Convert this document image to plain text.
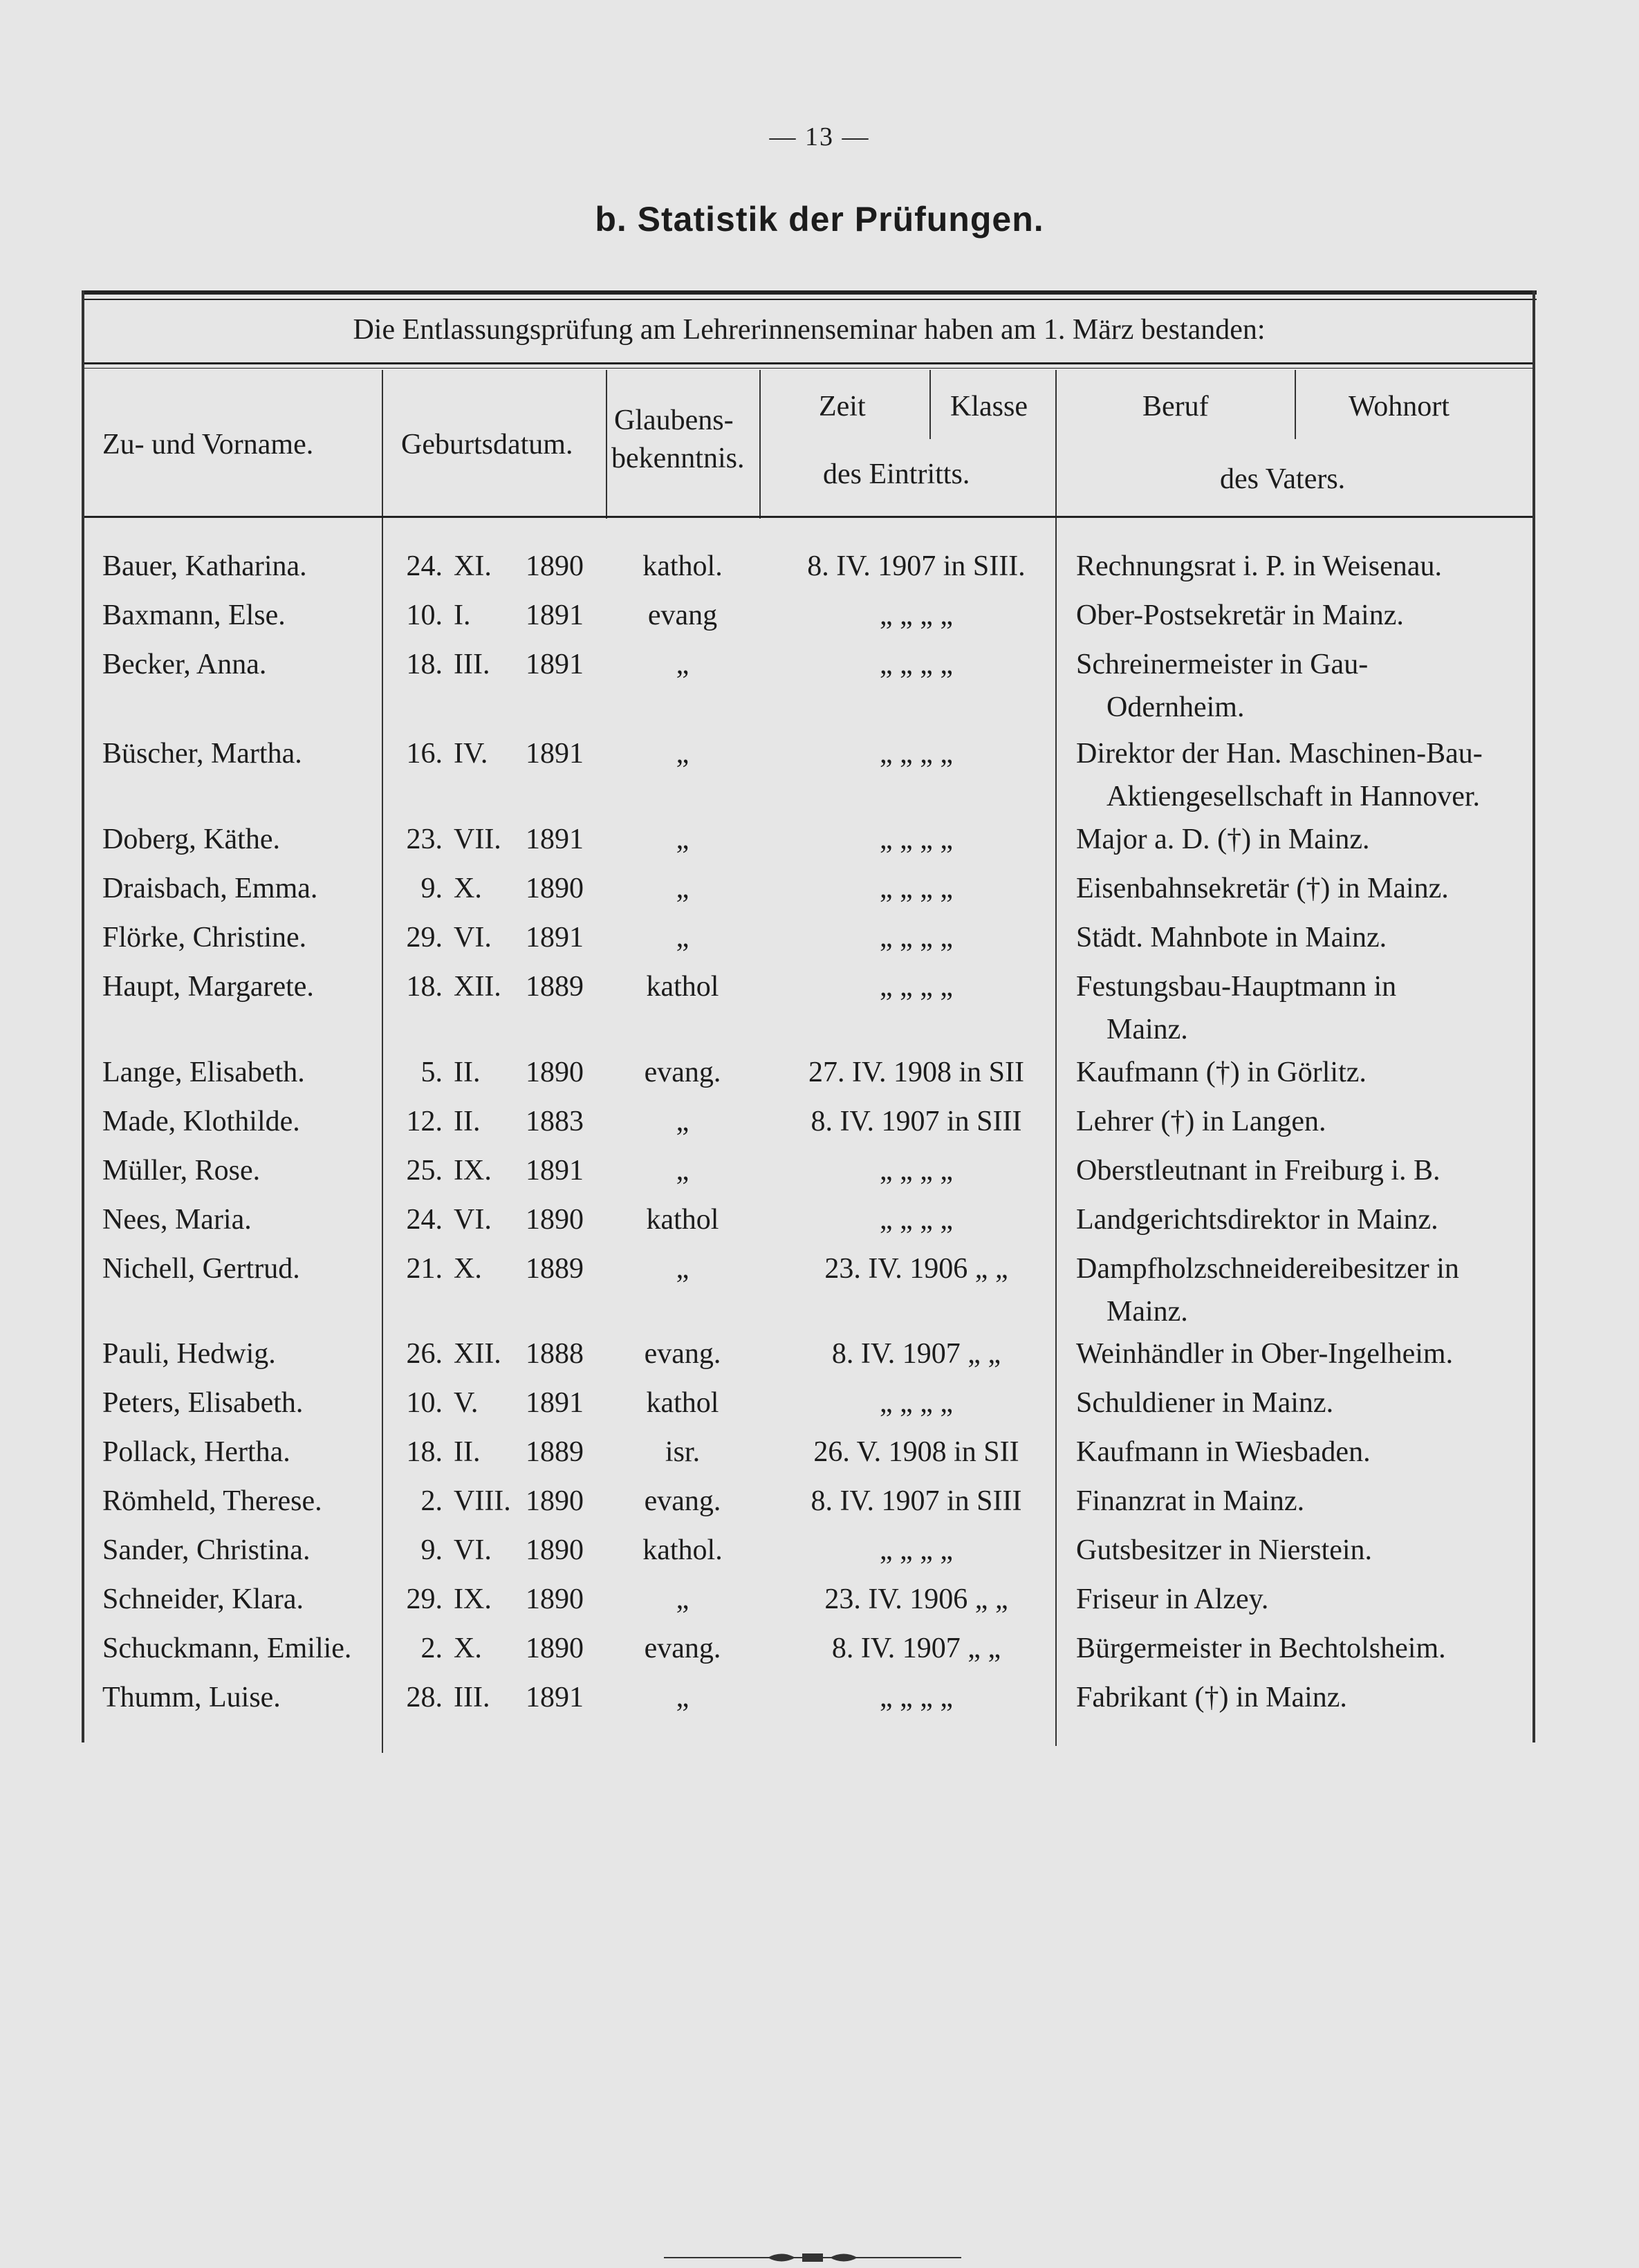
— 13 —
b. Statistik der Prüfungen.
Die Entlassungsprüfung am Lehrerinnenseminar haben am 1. März bestanden:
Zu- und Vorname.	Geburtsdatum.
Glaubens-
bekenntnis.
Zeit	Klasse
des Eintritts.
Beruf	Wohnort
des Vaters.
Bauer, Katharina.	24. XI. 1890	kathol.	8. IV. 1907 in SIII.	Rechnungsrat i. P. in Weisenau.
Baxmann, Else.	10. I. 1891	evang	„ „ „ „	Ober-Postsekretär in Mainz.
Becker, Anna.	18. III. 1891	„	„ „ „ „	Schreinermeister in Gau-
Odernheim.
Büscher, Martha.	16. IV. 1891	„	„ „ „ „	Direktor der Han. Maschinen-Bau-
Aktiengesellschaft in Hannover.
Doberg, Käthe.	23. VII. 1891	„	„ „ „ „	Major a. D. (†) in Mainz.
Draisbach, Emma.	9. X. 1890	„	„ „ „ „	Eisenbahnsekretär (†) in Mainz.
Flörke, Christine.	29. VI. 1891	„	„ „ „ „	Städt. Mahnbote in Mainz.
Haupt, Margarete.	18. XII. 1889	kathol	„ „ „ „	Festungsbau-Hauptmann in
Mainz.
Lange, Elisabeth.	5. II. 1890	evang.	27. IV. 1908 in SII	Kaufmann (†) in Görlitz.
Made, Klothilde.	12. II. 1883	„	8. IV. 1907 in SIII	Lehrer (†) in Langen.
Müller, Rose.	25. IX. 1891	„	„ „ „ „	Oberstleutnant in Freiburg i. B.
Nees, Maria.	24. VI. 1890	kathol	„ „ „ „	Landgerichtsdirektor in Mainz.
Nichell, Gertrud.	21. X. 1889	„	23. IV. 1906 „ „	Dampfholzschneidereibesitzer in
Mainz.
Pauli, Hedwig.	26. XII. 1888	evang.	8. IV. 1907 „ „	Weinhändler in Ober-Ingelheim.
Peters, Elisabeth.	10. V. 1891	kathol	„ „ „ „	Schuldiener in Mainz.
Pollack, Hertha.	18. II. 1889	isr.	26. V. 1908 in SII	Kaufmann in Wiesbaden.
Römheld, Therese.	2. VIII. 1890	evang.	8. IV. 1907 in SIII	Finanzrat in Mainz.
Sander, Christina.	9. VI. 1890	kathol.	„ „ „ „	Gutsbesitzer in Nierstein.
Schneider, Klara.	29. IX. 1890	„	23. IV. 1906 „ „	Friseur in Alzey.
Schuckmann, Emilie.	2. X. 1890	evang.	8. IV. 1907 „ „	Bürgermeister in Bechtolsheim.
Thumm, Luise.	28. III. 1891	„	„ „ „ „	Fabrikant (†) in Mainz.
